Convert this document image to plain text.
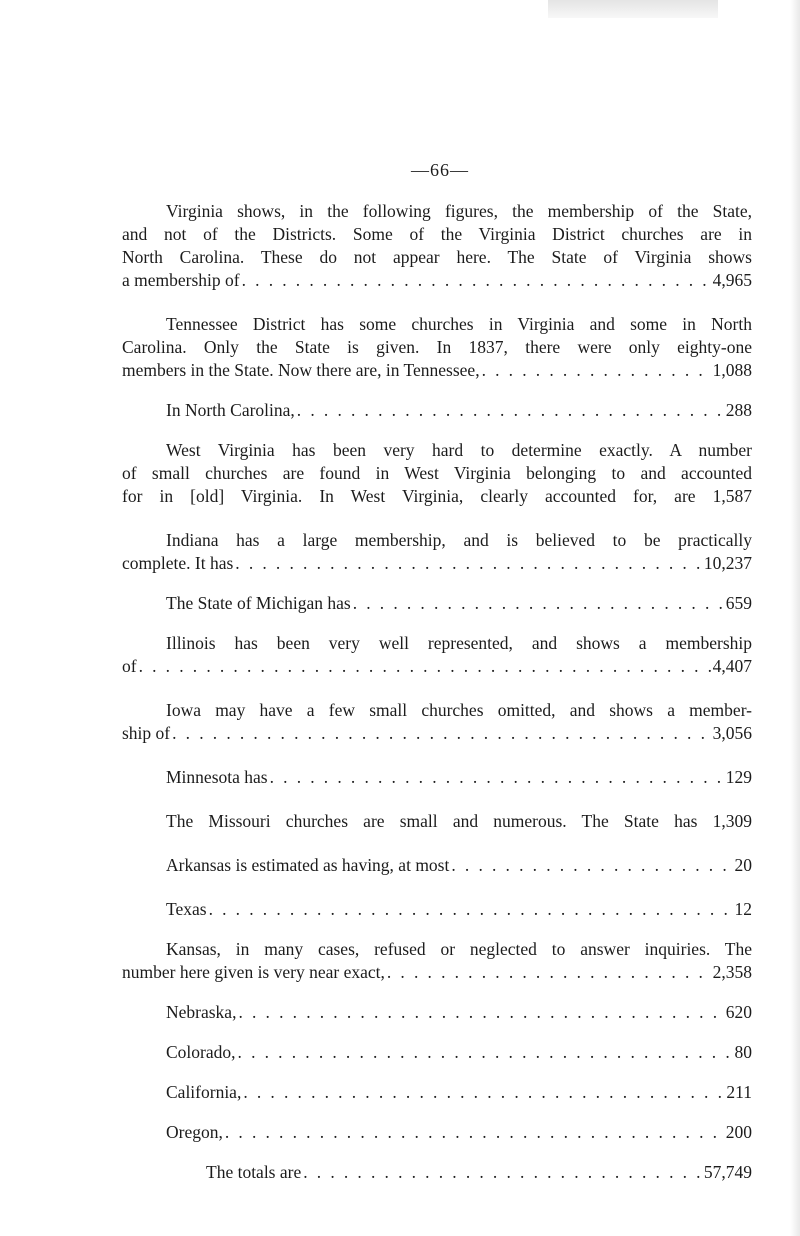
—66—
Virginia shows, in the following figures, the membership of the State,
and not of the Districts. Some of the Virginia District churches are in
North Carolina. These do not appear here. The State of Virginia shows
a membership of . . .	4,965
Tennessee District has some churches in Virginia and some in North
Carolina. Only the State is given. In 1837, there were only eighty-one
members in the State. Now there are, in Tennessee, . . .	1,088
In North Carolina, . . .	288
West Virginia has been very hard to determine exactly. A number
of small churches are found in West Virginia belonging to and accounted
for in [old] Virginia. In West Virginia, clearly accounted for, are 1,587
Indiana has a large membership, and is believed to be practically
complete. It has . . .	10,237
The State of Michigan has . . .	659
Illinois has been very well represented, and shows a membership
of . . .	4,407
Iowa may have a few small churches omitted, and shows a member-
ship of . . .	3,056
Minnesota has . . .	129
The Missouri churches are small and numerous. The State has 1,309
Arkansas is estimated as having, at most . . .	20
Texas . . .	12
Kansas, in many cases, refused or neglected to answer inquiries. The
number here given is very near exact, . . .	2,358
Nebraska, . . .	620
Colorado, . . .	80
California, . . .	211
Oregon, . . .	200
The totals are . . .	57,749
